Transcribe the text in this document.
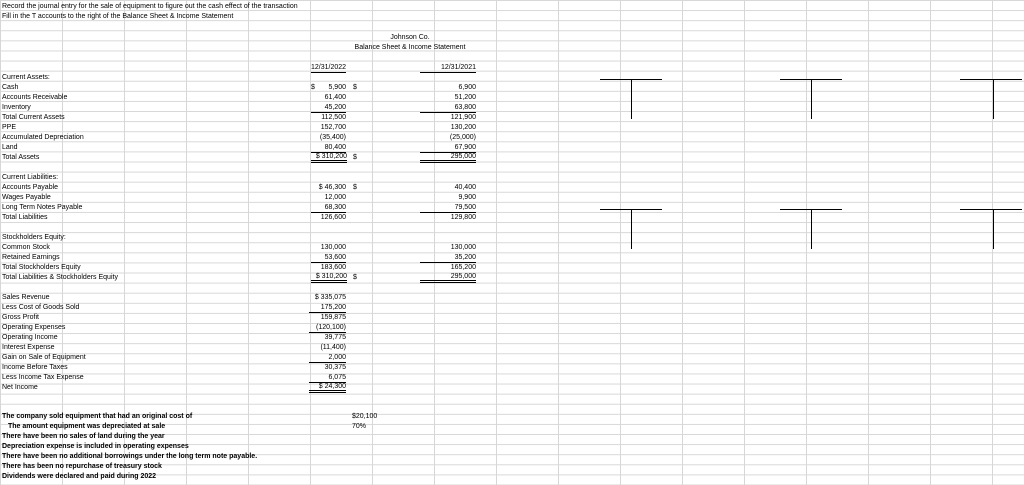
Record the journal entry for the sale of equipment to figure out the cash effect of the transaction
Fill in the T accounts to the right of the Balance Sheet & Income Statement
Johnson Co.
Balance Sheet & Income Statement
12/31/2022	12/31/2021
Current Assets:
Cash	$	5,900 $	6,900
Accounts Receivable	61,400	51,200
Inventory	45,200	63,800
Total Current Assets	112,500	121,900
PPE	152,700	130,200
Accumulated Depreciation	(35,400)	(25,000)
Land	80,400	67,900
Total Assets	$ 310,200 $	295,000
Current Liabilities:
Accounts Payable	$ 46,300 $	40,400
Wages Payable	12,000	9,900
Long Term Notes Payable	68,300	79,500
Total Liabilities	126,600	129,800
Stockholders Equity:
Common Stock	130,000	130,000
Retained Earnings	53,600	35,200
Total Stockholders Equity	183,600	165,200
Total Liabilities & Stockholders Equity	$ 310,200 $	295,000
Sales Revenue	$ 335,075
Less Cost of Goods Sold	175,200
Gross Profit	159,875
Operating Expenses	(120,100)
Operating Income	39,775
Interest Expense	(11,400)
Gain on Sale of Equipment	2,000
Income Before Taxes	30,375
Less Income Tax Expense	6,075
Net Income	$ 24,300
The company sold equipment that had an original cost of	$20,100
The amount equipment was depreciated at sale	70%
There have been no sales of land during the year
Depreciation expense is included in operating expenses
There have been no additional borrowings under the long term note payable.
There has been no repurchase of treasury stock
Dividends were declared and paid during 2022
